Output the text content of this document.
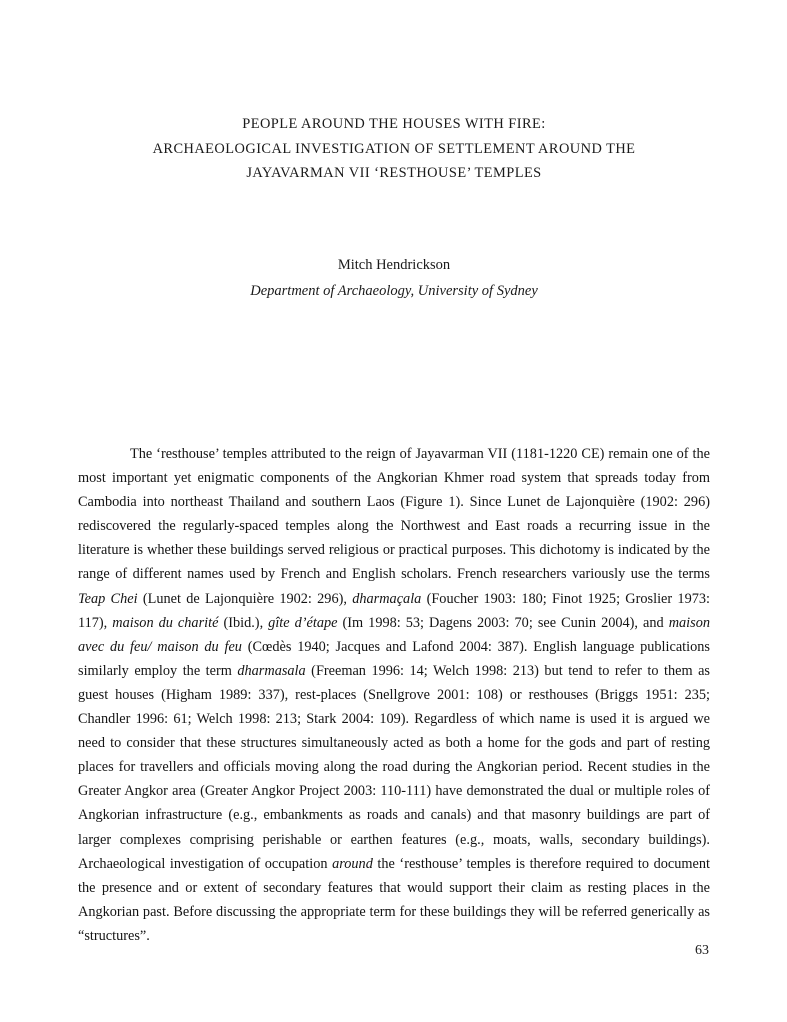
PEOPLE AROUND THE HOUSES WITH FIRE:
ARCHAEOLOGICAL INVESTIGATION OF SETTLEMENT AROUND THE
JAYAVARMAN VII ‘RESTHOUSE’ TEMPLES
Mitch Hendrickson
Department of Archaeology, University of Sydney

The ‘resthouse’ temples attributed to the reign of Jayavarman VII (1181-1220 CE) remain one of the most important yet enigmatic components of the Angkorian Khmer road system that spreads today from Cambodia into northeast Thailand and southern Laos (Figure 1). Since Lunet de Lajonquière (1902: 296) rediscovered the regularly-spaced temples along the Northwest and East roads a recurring issue in the literature is whether these buildings served religious or practical purposes. This dichotomy is indicated by the range of different names used by French and English scholars. French researchers variously use the terms Teap Chei (Lunet de Lajonquière 1902: 296), dharmaçala (Foucher 1903: 180; Finot 1925; Groslier 1973: 117), maison du charité (Ibid.), gîte d’étape (Im 1998: 53; Dagens 2003: 70; see Cunin 2004), and maison avec du feu/ maison du feu (Cœdès 1940; Jacques and Lafond 2004: 387). English language publications similarly employ the term dharmasala (Freeman 1996: 14; Welch 1998: 213) but tend to refer to them as guest houses (Higham 1989: 337), rest-places (Snellgrove 2001: 108) or resthouses (Briggs 1951: 235; Chandler 1996: 61; Welch 1998: 213; Stark 2004: 109). Regardless of which name is used it is argued we need to consider that these structures simultaneously acted as both a home for the gods and part of resting places for travellers and officials moving along the road during the Angkorian period. Recent studies in the Greater Angkor area (Greater Angkor Project 2003: 110-111) have demonstrated the dual or multiple roles of Angkorian infrastructure (e.g., embankments as roads and canals) and that masonry buildings are part of larger complexes comprising perishable or earthen features (e.g., moats, walls, secondary buildings). Archaeological investigation of occupation around the ‘resthouse’ temples is therefore required to document the presence and or extent of secondary features that would support their claim as resting places in the Angkorian past. Before discussing the appropriate term for these buildings they will be referred generically as “structures”.

63
